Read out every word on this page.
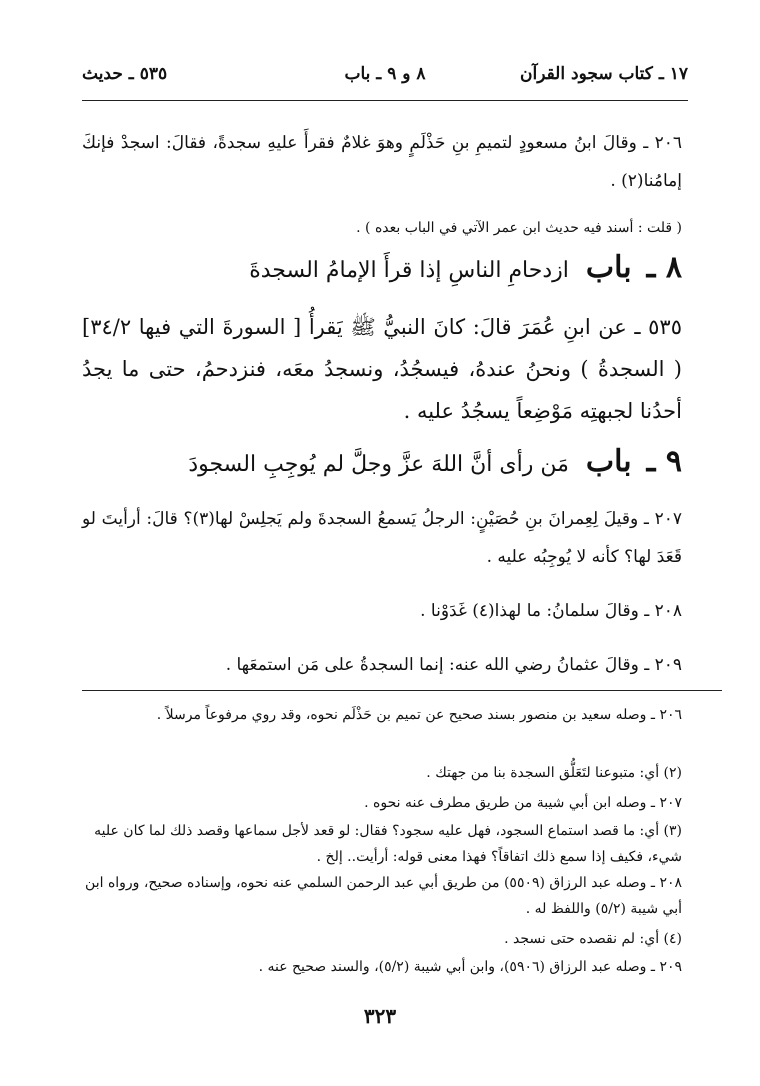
١٧ ـ كتاب سجود القرآن
٨ و ٩ ـ باب
٥٣٥ ـ حديث
٢٠٦ ـ وقالَ ابنُ مسعودٍ لتميمِ بنِ حَذْلَمٍ وهوَ غلامٌ فقرأَ عليهِ سجدةً، فقالَ: اسجدْ فإنكَ إمامُنا(٢) .
( قلت : أسند فيه حديث ابن عمر الآتي في الباب بعده ) .
٨ ـ باب ازدحامِ الناسِ إذا قرأَ الإمامُ السجدةَ
٥٣٥ ـ عن ابنِ عُمَرَ قالَ: كانَ النبيُّ ﷺ يَقرأُ [ السورةَ التي فيها ٣٤/٢] ( السجدةُ ) ونحنُ عندهُ، فيسجُدُ، ونسجدُ معَه، فنزدحمُ، حتى ما يجدُ أحدُنا لجبهتِه مَوْضِعاً يسجُدُ عليه .
٩ ـ باب مَن رأى أنَّ اللهَ عزَّ وجلَّ لم يُوجِبِ السجودَ
٢٠٧ ـ وقيلَ لِعِمرانَ بنِ حُصَيْنٍ: الرجلُ يَسمعُ السجدةَ ولم يَجلِسْ لها(٣)؟ قالَ: أرأيتَ لو قَعَدَ لها؟ كأنه لا يُوجِبُه عليه .
٢٠٨ ـ وقالَ سلمانُ: ما لهذا(٤) غَدَوْنا .
٢٠٩ ـ وقالَ عثمانُ رضي الله عنه: إنما السجدةُ على مَن استمعَها .
٢٠٦ ـ وصله سعيد بن منصور بسند صحيح عن تميم بن حَذْلَم نحوه، وقد روي مرفوعاً مرسلاً .
(٢) أي: متبوعنا لتَعَلُّق السجدة بنا من جهتك .
٢٠٧ ـ وصله ابن أبي شيبة من طريق مطرف عنه نحوه .
(٣) أي: ما قصد استماع السجود، فهل عليه سجود؟ فقال: لو قعد لأجل سماعها وقصد ذلك لما كان عليه شيء، فكيف إذا سمع ذلك اتفاقاً؟ فهذا معنى قوله: أرأيت.. إلخ .
٢٠٨ ـ وصله عبد الرزاق (٥٥٠٩) من طريق أبي عبد الرحمن السلمي عنه نحوه، وإسناده صحيح، ورواه ابن أبي شيبة (٥/٢) واللفظ له .
(٤) أي: لم نقصده حتى نسجد .
٢٠٩ ـ وصله عبد الرزاق (٥٩٠٦)، وابن أبي شيبة (٥/٢)، والسند صحيح عنه .
٣٢٣
